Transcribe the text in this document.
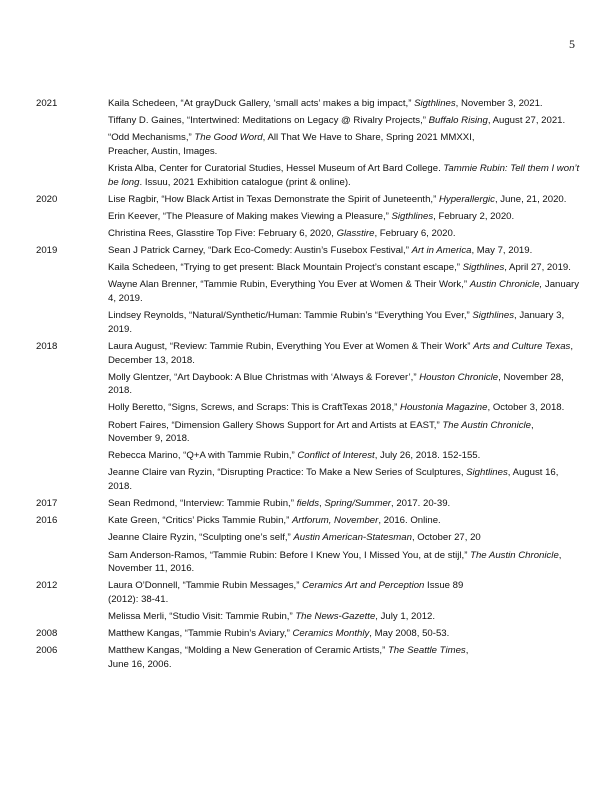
5
2021	Kaila Schedeen, “At grayDuck Gallery, ‘small acts’ makes a big impact,” Sigthlines, November 3, 2021.
Tiffany D. Gaines, “Intertwined: Meditations on Legacy @ Rivalry Projects,” Buffalo Rising, August 27, 2021.
“Odd Mechanisms,” The Good Word, All That We Have to Share, Spring 2021 MMXXI,
Preacher, Austin, Images.
Krista Alba, Center for Curatorial Studies, Hessel Museum of Art Bard College. Tammie Rubin: Tell them I won’t be long. Issuu, 2021 Exhibition catalogue (print & online).
2020	Lise Ragbir, “How Black Artist in Texas Demonstrate the Spirit of Juneteenth,” Hyperallergic, June, 21, 2020.
Erin Keever, “The Pleasure of Making makes Viewing a Pleasure,” Sigthlines, February 2, 2020.
Christina Rees, Glasstire Top Five: February 6, 2020, Glasstire, February 6, 2020.
2019	Sean J Patrick Carney, “Dark Eco-Comedy: Austin’s Fusebox Festival,” Art in America, May 7, 2019.
Kaila Schedeen, “Trying to get present: Black Mountain Project’s constant escape,” Sigthlines, April 27, 2019.
Wayne Alan Brenner, “Tammie Rubin, Everything You Ever at Women & Their Work,” Austin Chronicle, January 4, 2019.
Lindsey Reynolds, “Natural/Synthetic/Human: Tammie Rubin’s “Everything You Ever,” Sigthlines, January 3, 2019.
2018	Laura August, “Review: Tammie Rubin, Everything You Ever at Women & Their Work” Arts and Culture Texas, December 13, 2018.
Molly Glentzer, “Art Daybook: A Blue Christmas with ‘Always & Forever’,” Houston Chronicle, November 28, 2018.
Holly Beretto, “Signs, Screws, and Scraps: This is CraftTexas 2018,” Houstonia Magazine, October 3, 2018.
Robert Faires, “Dimension Gallery Shows Support for Art and Artists at EAST,” The Austin Chronicle, November 9, 2018.
Rebecca Marino, “Q+A with Tammie Rubin,” Conflict of Interest, July 26, 2018. 152-155.
Jeanne Claire van Ryzin, “Disrupting Practice: To Make a New Series of Sculptures, Sightlines, August 16, 2018.
2017	Sean Redmond, “Interview: Tammie Rubin,” fields, Spring/Summer, 2017. 20-39.
2016	Kate Green, “Critics’ Picks Tammie Rubin,” Artforum, November, 2016. Online.
Jeanne Claire Ryzin, “Sculpting one’s self,” Austin American-Statesman, October 27, 20
Sam Anderson-Ramos, “Tammie Rubin: Before I Knew You, I Missed You, at de stijl,” The Austin Chronicle, November 11, 2016.
2012	Laura O’Donnell, “Tammie Rubin Messages,” Ceramics Art and Perception Issue 89
(2012): 38-41.
Melissa Merli, “Studio Visit: Tammie Rubin,” The News-Gazette, July 1, 2012.
2008	Matthew Kangas, “Tammie Rubin’s Aviary,” Ceramics Monthly, May 2008, 50-53.
2006	Matthew Kangas, “Molding a New Generation of Ceramic Artists,” The Seattle Times,
June 16, 2006.
